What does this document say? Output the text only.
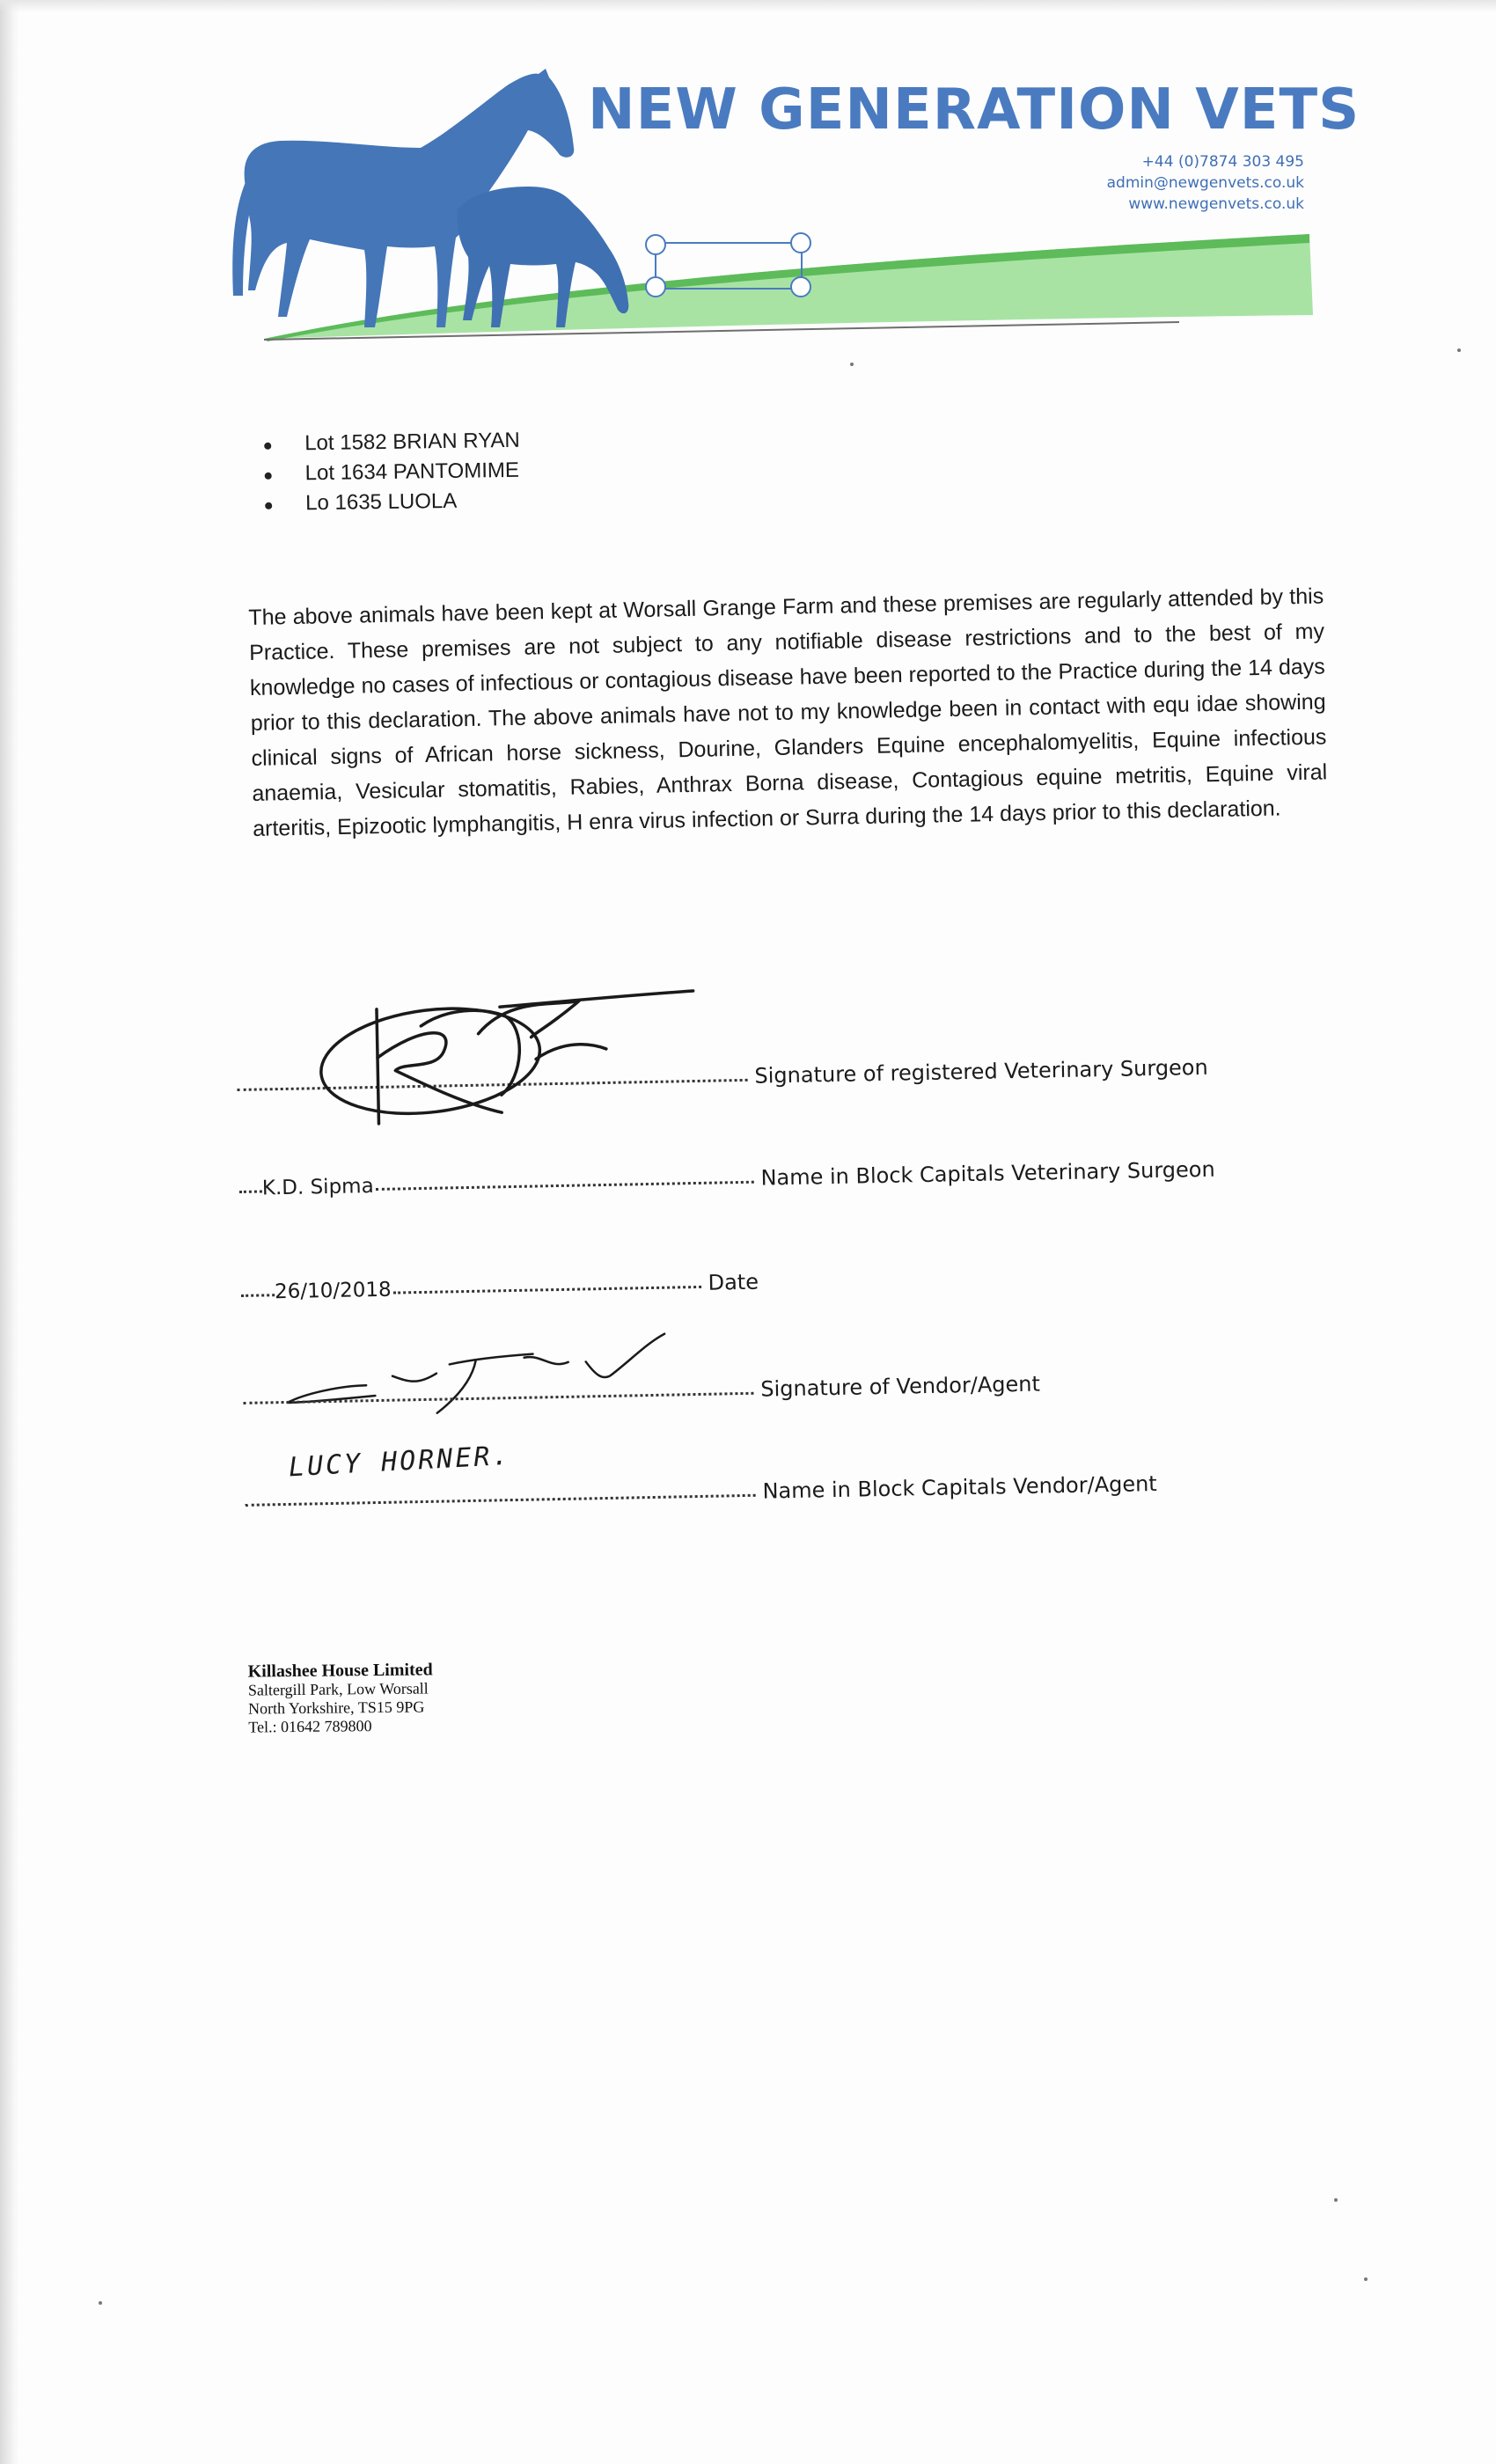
NEW GENERATION VETS
+44 (0)7874 303 495
admin@newgenvets.co.uk
www.newgenvets.co.uk
Lot 1582 BRIAN RYAN
Lot 1634 PANTOMIME
Lo 1635 LUOLA

The above animals have been kept at Worsall Grange Farm and these premises are regularly attended by this Practice. These premises are not subject to any notifiable disease restrictions and to the best of my knowledge no cases of infectious or contagious disease have been reported to the Practice during the 14 days prior to this declaration. The above animals have not to my knowledge been in contact with equ idae showing clinical signs of African horse sickness, Dourine, Glanders Equine encephalomyelitis, Equine infectious anaemia, Vesicular stomatitis, Rabies, Anthrax Borna disease, Contagious equine metritis, Equine viral arteritis, Epizootic lymphangitis, H enra virus infection or Surra during the 14 days prior to this declaration.

Signature of registered Veterinary Surgeon
K.D. Sipma	Name in Block Capitals Veterinary Surgeon
26/10/2018	Date
Signature of Vendor/Agent
Name in Block Capitals Vendor/Agent
LUCY HORNER.
Killashee House Limited
Saltergill Park, Low Worsall
North Yorkshire, TS15 9PG
Tel.: 01642 789800
